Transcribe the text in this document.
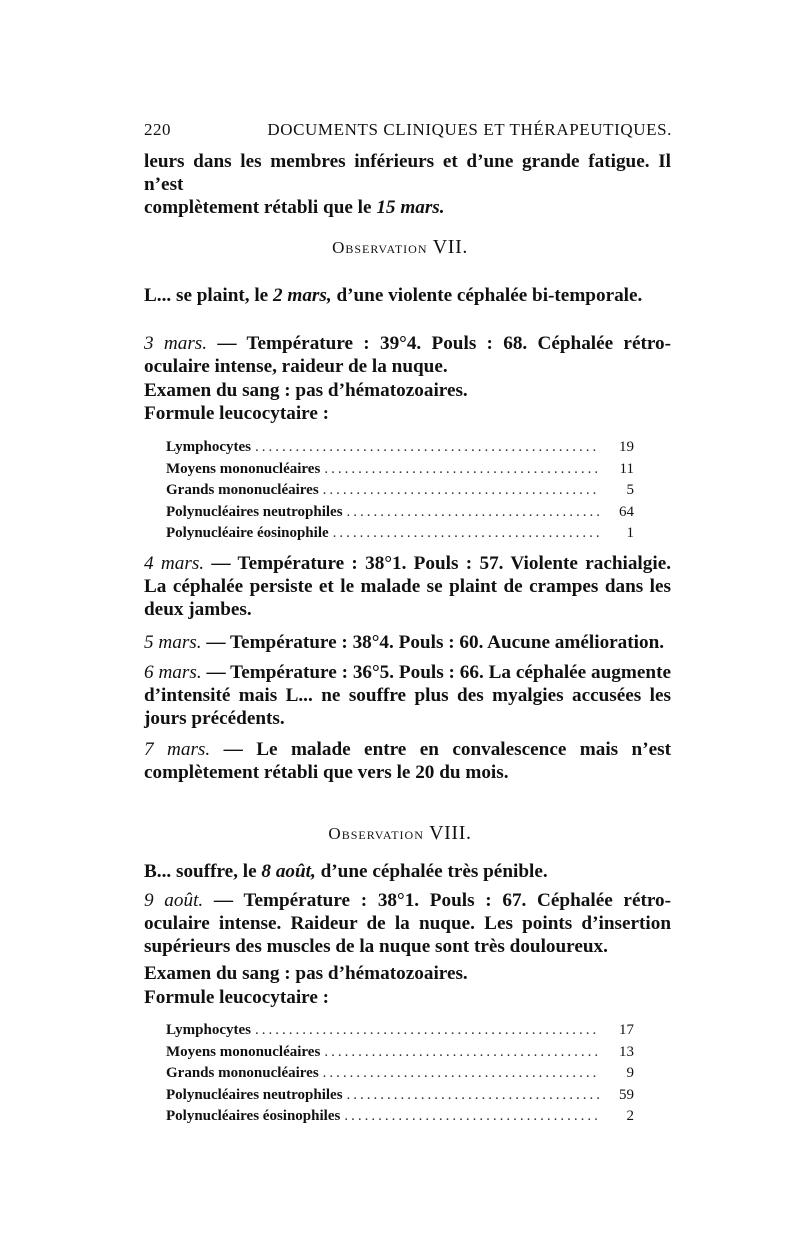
220	DOCUMENTS CLINIQUES ET THÉRAPEUTIQUES.
leurs dans les membres inférieurs et d’une grande fatigue. Il n’est
complètement rétabli que le 15 mars.
Observation VII.
L... se plaint, le 2 mars, d’une violente céphalée bi-temporale.
3 mars. — Température : 39°4. Pouls : 68. Céphalée rétro-oculaire intense, raideur de la nuque.
Examen du sang : pas d’hématozoaires.
Formule leucocytaire :
Lymphocytes .....	19
Moyens mononucléaires .....	11
Grands mononucléaires .....	5
Polynucléaires neutrophiles .....	64
Polynucléaire éosinophile .....	1
4 mars. — Température : 38°1. Pouls : 57. Violente rachialgie. La céphalée persiste et le malade se plaint de crampes dans les deux jambes.
5 mars. — Température : 38°4. Pouls : 60. Aucune amélioration.
6 mars. — Température : 36°5. Pouls : 66. La céphalée augmente d’intensité mais L... ne souffre plus des myalgies accusées les jours précédents.
7 mars. — Le malade entre en convalescence mais n’est complètement rétabli que vers le 20 du mois.
Observation VIII.
B... souffre, le 8 août, d’une céphalée très pénible.
9 août. — Température : 38°1. Pouls : 67. Céphalée rétro-oculaire intense. Raideur de la nuque. Les points d’insertion supérieurs des muscles de la nuque sont très douloureux.
Examen du sang : pas d’hématozoaires.
Formule leucocytaire :
Lymphocytes .....	17
Moyens mononucléaires .....	13
Grands mononucléaires .....	9
Polynucléaires neutrophiles .....	59
Polynucléaires éosinophiles .....	2
